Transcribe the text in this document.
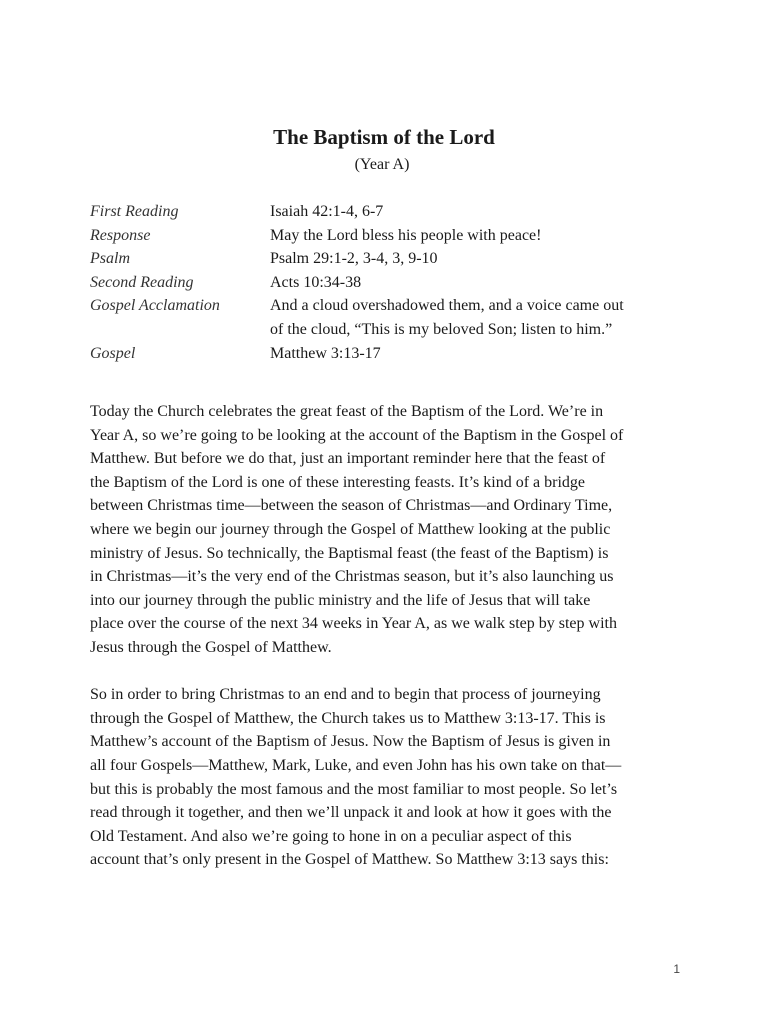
The Baptism of the Lord
(Year A)
First Reading	Isaiah 42:1-4, 6-7
Response	May the Lord bless his people with peace!
Psalm	Psalm 29:1-2, 3-4, 3, 9-10
Second Reading	Acts 10:34-38
Gospel Acclamation	And a cloud overshadowed them, and a voice came out
of the cloud, “This is my beloved Son; listen to him.”
Gospel	Matthew 3:13-17
Today the Church celebrates the great feast of the Baptism of the Lord. We’re in
Year A, so we’re going to be looking at the account of the Baptism in the Gospel of
Matthew. But before we do that, just an important reminder here that the feast of
the Baptism of the Lord is one of these interesting feasts. It’s kind of a bridge
between Christmas time—between the season of Christmas—and Ordinary Time,
where we begin our journey through the Gospel of Matthew looking at the public
ministry of Jesus. So technically, the Baptismal feast (the feast of the Baptism) is
in Christmas—it’s the very end of the Christmas season, but it’s also launching us
into our journey through the public ministry and the life of Jesus that will take
place over the course of the next 34 weeks in Year A, as we walk step by step with
Jesus through the Gospel of Matthew.
So in order to bring Christmas to an end and to begin that process of journeying
through the Gospel of Matthew, the Church takes us to Matthew 3:13-17. This is
Matthew’s account of the Baptism of Jesus. Now the Baptism of Jesus is given in
all four Gospels—Matthew, Mark, Luke, and even John has his own take on that—
but this is probably the most famous and the most familiar to most people. So let’s
read through it together, and then we’ll unpack it and look at how it goes with the
Old Testament. And also we’re going to hone in on a peculiar aspect of this
account that’s only present in the Gospel of Matthew. So Matthew 3:13 says this:
1
